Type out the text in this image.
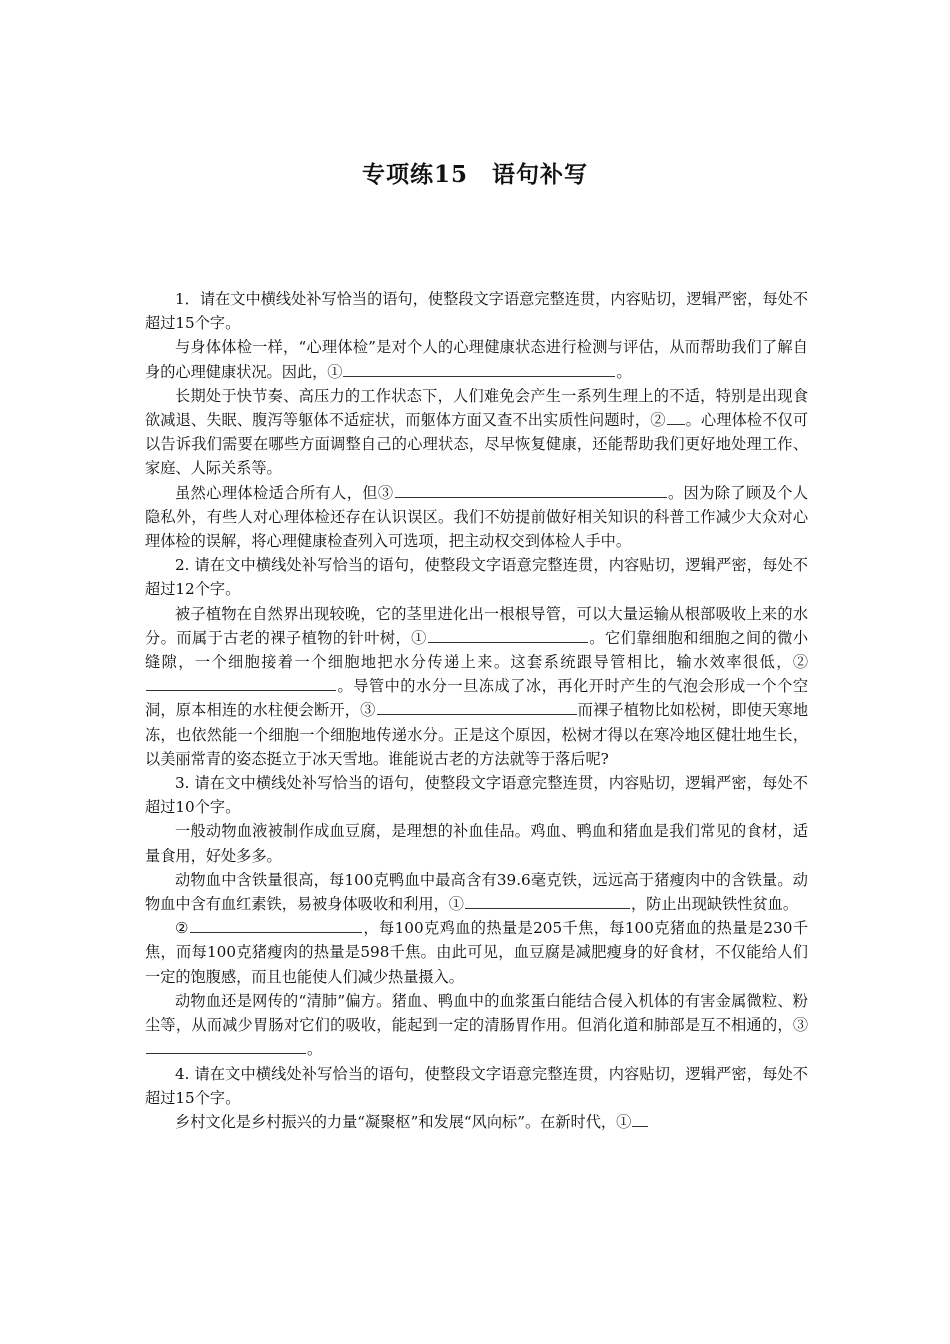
专项练15　语句补写

1．请在文中横线处补写恰当的语句，使整段文字语意完整连贯，内容贴切，逻辑严密，每处不超过15个字。

与身体体检一样，“心理体检”是对个人的心理健康状态进行检测与评估，从而帮助我们了解自身的心理健康状况。因此，①	。

长期处于快节奏、高压力的工作状态下，人们难免会产生一系列生理上的不适，特别是出现食欲减退、失眠、腹泻等躯体不适症状，而躯体方面又查不出实质性问题时，② 。心理体检不仅可以告诉我们需要在哪些方面调整自己的心理状态，尽早恢复健康，还能帮助我们更好地处理工作、家庭、人际关系等。

虽然心理体检适合所有人，但③	。因为除了顾及个人隐私外，有些人对心理体检还存在认识误区。我们不妨提前做好相关知识的科普工作减少大众对心理体检的误解，将心理健康检查列入可选项，把主动权交到体检人手中。

2. 请在文中横线处补写恰当的语句，使整段文字语意完整连贯，内容贴切，逻辑严密，每处不超过12个字。

被子植物在自然界出现较晚，它的茎里进化出一根根导管，可以大量运输从根部吸收上来的水分。而属于古老的裸子植物的针叶树，①	。它们靠细胞和细胞之间的微小缝隙，一个细胞接着一个细胞地把水分传递上来。这套系统跟导管相比，输水效率很低，②。导管中的水分一旦冻成了冰，再化开时产生的气泡会形成一个个空洞，原本相连的水柱便会断开，③	而裸子植物比如松树，即使天寒地冻，也依然能一个细胞一个细胞地传递水分。正是这个原因，松树才得以在寒冷地区健壮地生长，以美丽常青的姿态挺立于冰天雪地。谁能说古老的方法就等于落后呢?

3. 请在文中横线处补写恰当的语句，使整段文字语意完整连贯，内容贴切，逻辑严密，每处不超过10个字。

一般动物血液被制作成血豆腐，是理想的补血佳品。鸡血、鸭血和猪血是我们常见的食材，适量食用，好处多多。

动物血中含铁量很高，每100克鸭血中最高含有39.6毫克铁，远远高于猪瘦肉中的含铁量。动物血中含有血红素铁，易被身体吸收和利用，①	，防止出现缺铁性贫血。

②	，每100克鸡血的热量是205千焦，每100克猪血的热量是230千焦，而每100克猪瘦肉的热量是598千焦。由此可见，血豆腐是减肥瘦身的好食材，不仅能给人们一定的饱腹感，而且也能使人们减少热量摄入。

动物血还是网传的“清肺”偏方。猪血、鸭血中的血浆蛋白能结合侵入机体的有害金属微粒、粉尘等，从而减少胃肠对它们的吸收，能起到一定的清肠胃作用。但消化道和肺部是互不相通的，③。

4. 请在文中横线处补写恰当的语句，使整段文字语意完整连贯，内容贴切，逻辑严密，每处不超过15个字。

乡村文化是乡村振兴的力量“凝聚枢”和发展“风向标”。在新时代，①
